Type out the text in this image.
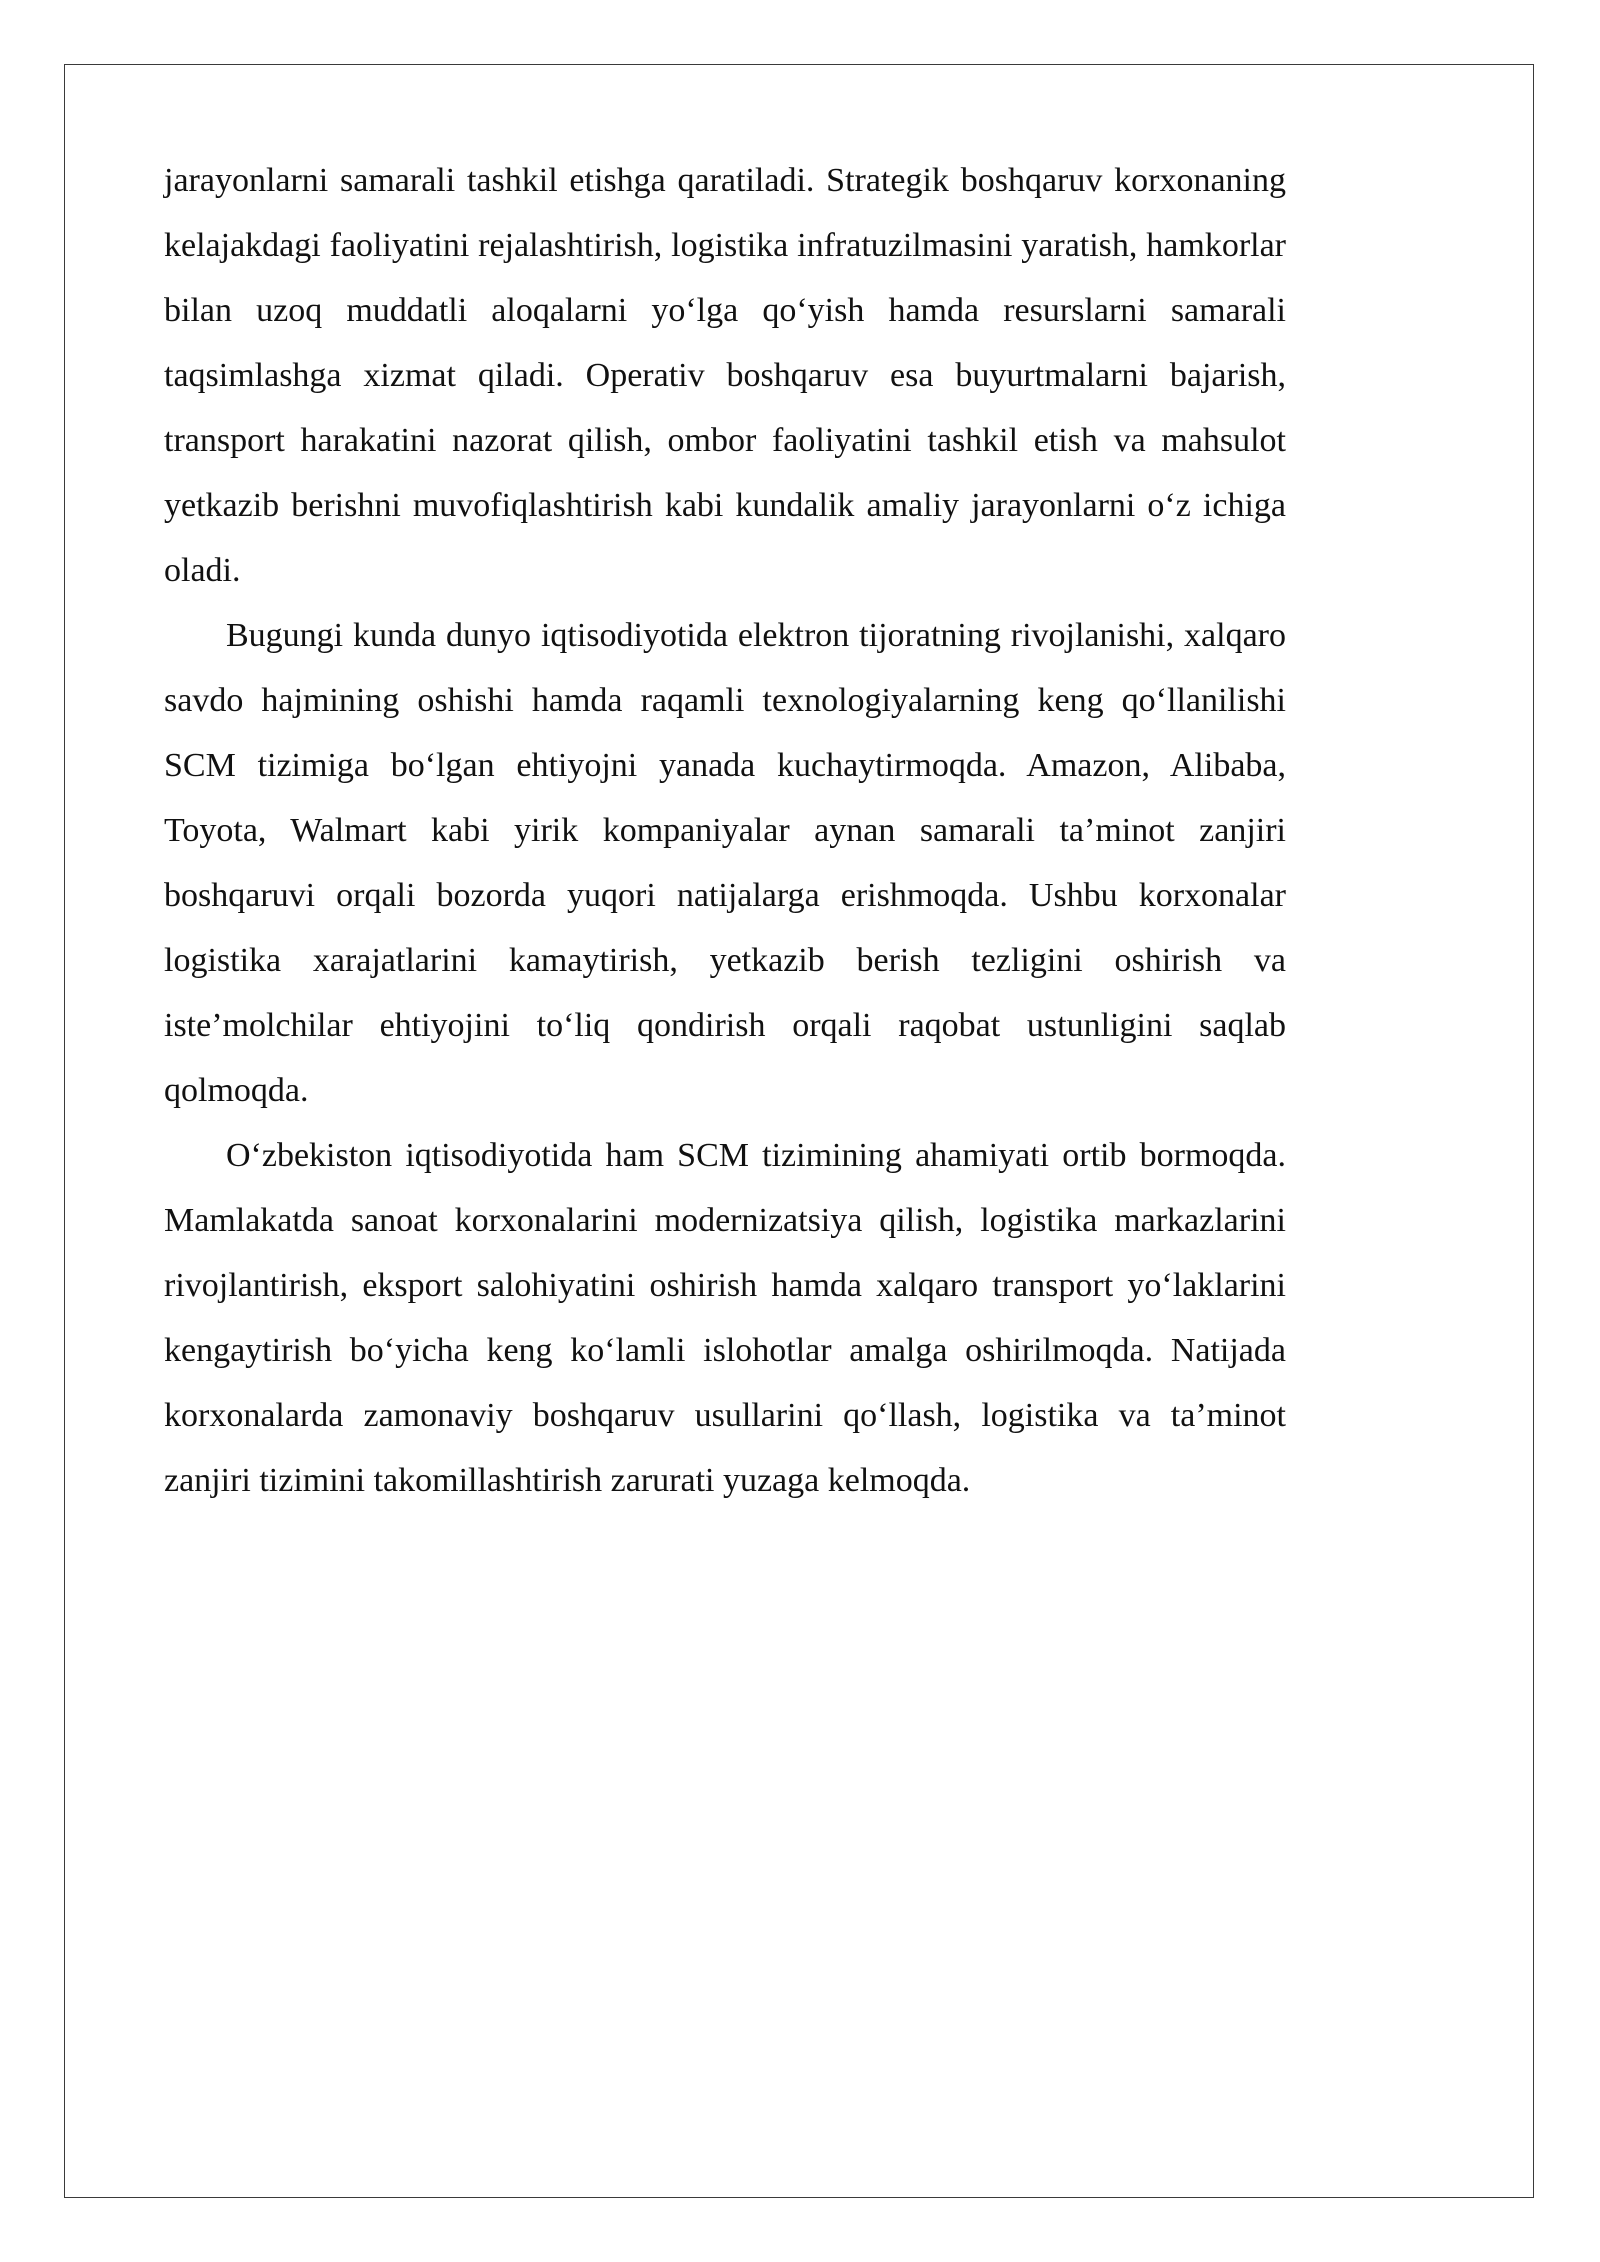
jarayonlarni samarali tashkil etishga qaratiladi. Strategik boshqaruv korxonaning kelajakdagi faoliyatini rejalashtirish, logistika infratuzilmasini yaratish, hamkorlar bilan uzoq muddatli aloqalarni yo‘lga qo‘yish hamda resurslarni samarali taqsimlashga xizmat qiladi. Operativ boshqaruv esa buyurtmalarni bajarish, transport harakatini nazorat qilish, ombor faoliyatini tashkil etish va mahsulot yetkazib berishni muvofiqlashtirish kabi kundalik amaliy jarayonlarni o‘z ichiga oladi.

Bugungi kunda dunyo iqtisodiyotida elektron tijoratning rivojlanishi, xalqaro savdo hajmining oshishi hamda raqamli texnologiyalarning keng qo‘llanilishi SCM tizimiga bo‘lgan ehtiyojni yanada kuchaytirmoqda. Amazon, Alibaba, Toyota, Walmart kabi yirik kompaniyalar aynan samarali ta’minot zanjiri boshqaruvi orqali bozorda yuqori natijalarga erishmoqda. Ushbu korxonalar logistika xarajatlarini kamaytirish, yetkazib berish tezligini oshirish va iste’molchilar ehtiyojini to‘liq qondirish orqali raqobat ustunligini saqlab qolmoqda.

O‘zbekiston iqtisodiyotida ham SCM tizimining ahamiyati ortib bormoqda. Mamlakatda sanoat korxonalarini modernizatsiya qilish, logistika markazlarini rivojlantirish, eksport salohiyatini oshirish hamda xalqaro transport yo‘laklarini kengaytirish bo‘yicha keng ko‘lamli islohotlar amalga oshirilmoqda. Natijada korxonalarda zamonaviy boshqaruv usullarini qo‘llash, logistika va ta’minot zanjiri tizimini takomillashtirish zarurati yuzaga kelmoqda.
